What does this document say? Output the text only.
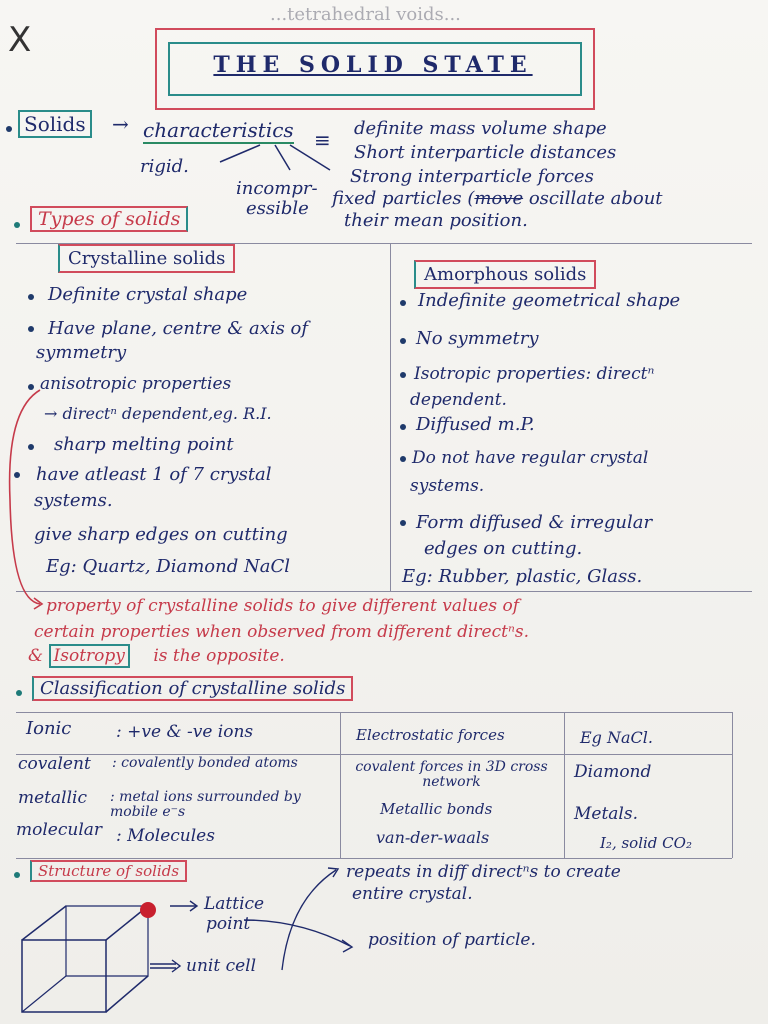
...tetrahedral voids...
X
THE SOLID STATE
Solids	→ characteristics ≡ definite mass volume shape
Short interparticle distances
Strong interparticle forces
fixed particles (move oscillate about
their mean position.
rigid.
incompr-
essible
Types of solids
Crystalline solids
Amorphous solids
Definite crystal shape
Have plane, centre & axis of
symmetry
anisotropic properties
→ directⁿ dependent,eg. R.I.
sharp melting point
have atleast 1 of 7 crystal
systems.
give sharp edges on cutting
Eg: Quartz, Diamond NaCl
Indefinite geometrical shape
No symmetry
Isotropic properties: directⁿ
dependent.
Diffused m.P.
Do not have regular crystal
systems.
Form diffused & irregular
edges on cutting.
Eg: Rubber, plastic, Glass.
property of crystalline solids to give different values of
certain properties when observed from different directⁿs.
& Isotropy is the opposite.
Classification of crystalline solids
Ionic	: +ve & -ve ions	Electrostatic forces	Eg NaCl.
covalent : covalently bonded atoms	covalent forces in 3D cross network	Diamond
metallic : metal ions surrounded by mobile e⁻s	Metallic bonds	Metals.
molecular : Molecules	van-der-waals	I₂, solid CO₂
Structure of solids	repeats in diff directⁿs to create
entire crystal.
Lattice
point
position of particle.
unit cell
